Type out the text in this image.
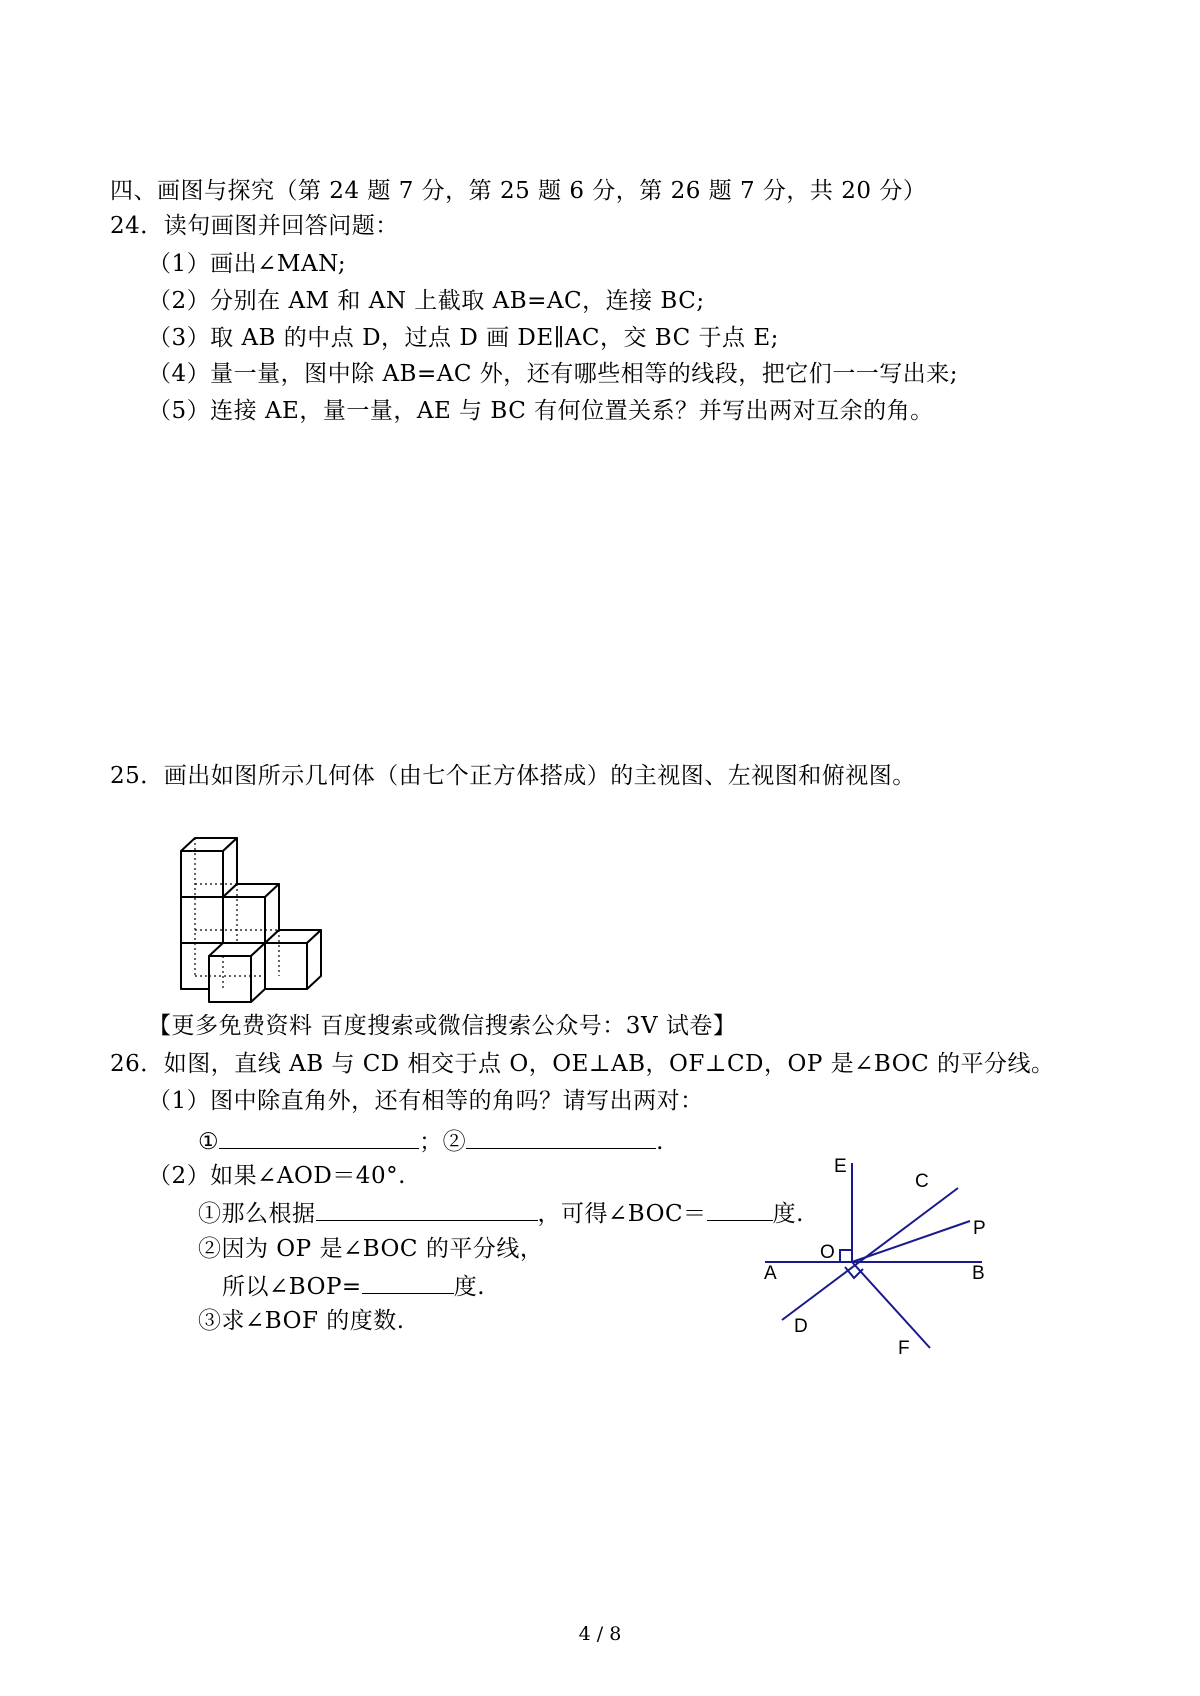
四、画图与探究（第 24 题 7 分，第 25 题 6 分，第 26 题 7 分，共 20 分）
24．读句画图并回答问题：
（1）画出∠MAN;
（2）分别在 AM 和 AN 上截取 AB=AC，连接 BC;
（3）取 AB 的中点 D，过点 D 画 DE∥AC，交 BC 于点 E;
（4）量一量，图中除 AB=AC 外，还有哪些相等的线段，把它们一一写出来;
（5）连接 AE，量一量，AE 与 BC 有何位置关系？并写出两对互余的角。
25．画出如图所示几何体（由七个正方体搭成）的主视图、左视图和俯视图。
【更多免费资料 百度搜索或微信搜索公众号：3V 试卷】
26．如图，直线 AB 与 CD 相交于点 O，OE⊥AB，OF⊥CD，OP 是∠BOC 的平分线。
（1）图中除直角外，还有相等的角吗？请写出两对：
①	；②	.
（2）如果∠AOD＝40°.
①那么根据	，可得∠BOC＝	度.
②因为 OP 是∠BOC 的平分线，
所以∠BOP=	度.
③求∠BOF 的度数.
E
C
P
O
A	B
D
F
4 / 8
